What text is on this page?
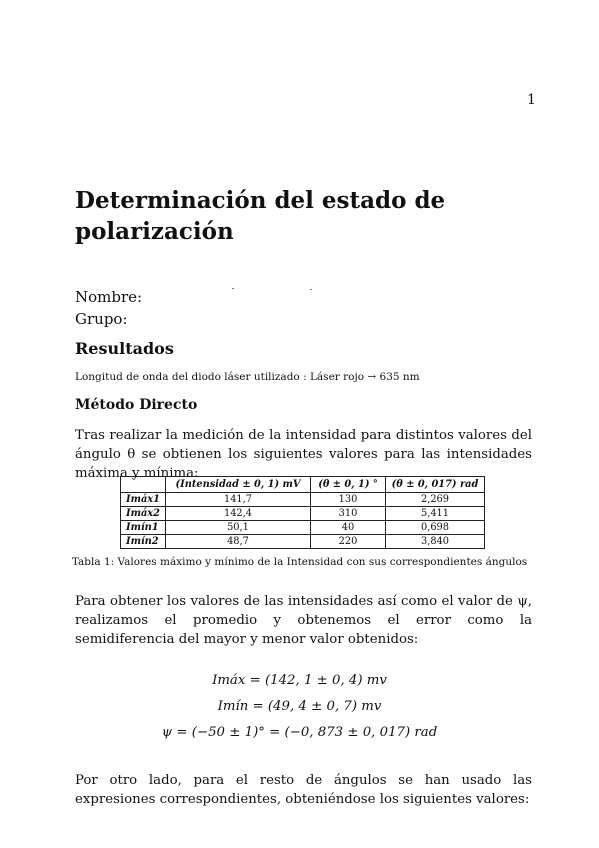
1
Determinación del estado de polarización
Nombre:
Grupo:
Resultados
Longitud de onda del diodo láser utilizado : Láser rojo → 635 nm
Método Directo

Tras realizar la medición de la intensidad para distintos valores del ángulo θ se obtienen los siguientes valores para las intensidades máxima y mínima:

	(Intensidad ± 0, 1) mV	(θ ± 0, 1) °	(θ ± 0, 017) rad
Imáx1	141,7	130	2,269
Imáx2	142,4	310	5,411
Imín1	50,1	40	0,698
Imín2	48,7	220	3,840
Tabla 1: Valores máximo y mínimo de la Intensidad con sus correspondientes ángulos

Para obtener los valores de las intensidades así como el valor de ψ, realizamos el promedio y obtenemos el error como la semidiferencia del mayor y menor valor obtenidos:

Imáx = (142, 1 ± 0, 4) mv
Imín = (49, 4 ± 0, 7) mv
ψ = (−50 ± 1)° = (−0, 873 ± 0, 017) rad

Por otro lado, para el resto de ángulos se han usado las expresiones correspondientes, obteniéndose los siguientes valores:
